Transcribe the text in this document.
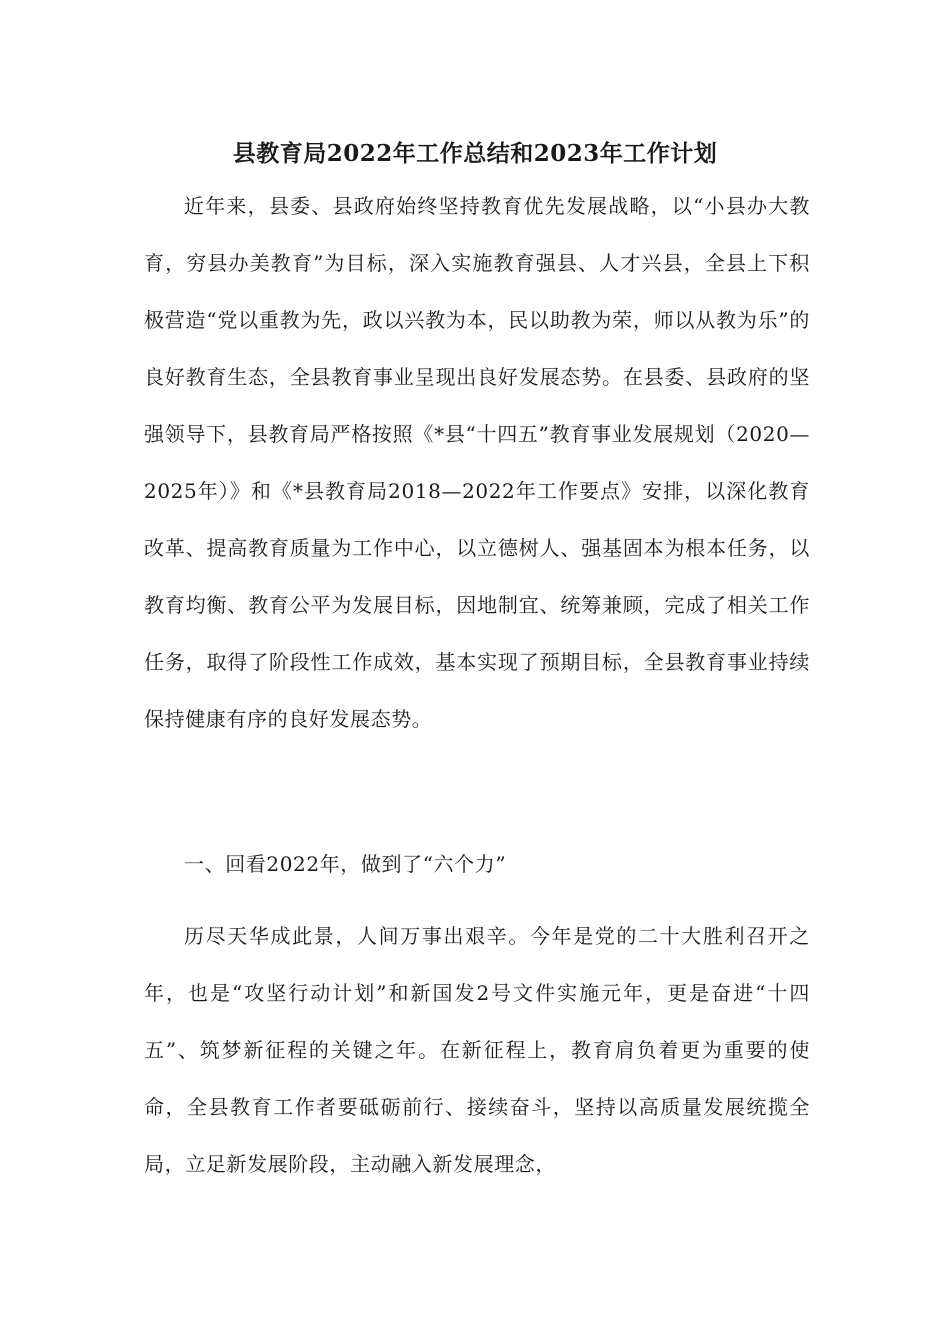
县教育局2022年工作总结和2023年工作计划

近年来，县委、县政府始终坚持教育优先发展战略，以“小县办大教育，穷县办美教育”为目标，深入实施教育强县、人才兴县，全县上下积极营造“党以重教为先，政以兴教为本，民以助教为荣，师以从教为乐”的良好教育生态，全县教育事业呈现出良好发展态势。在县委、县政府的坚强领导下，县教育局严格按照《*县“十四五”教育事业发展规划（2020—2025年）》和《*县教育局2018—2022年工作要点》安排，以深化教育改革、提高教育质量为工作中心，以立德树人、强基固本为根本任务，以教育均衡、教育公平为发展目标，因地制宜、统筹兼顾，完成了相关工作任务，取得了阶段性工作成效，基本实现了预期目标，全县教育事业持续保持健康有序的良好发展态势。

一、回看2022年，做到了“六个力”

历尽天华成此景，人间万事出艰辛。今年是党的二十大胜利召开之年，也是“攻坚行动计划”和新国发2号文件实施元年，更是奋进“十四五”、筑梦新征程的关键之年。在新征程上，教育肩负着更为重要的使命，全县教育工作者要砥砺前行、接续奋斗，坚持以高质量发展统揽全局，立足新发展阶段，主动融入新发展理念，
